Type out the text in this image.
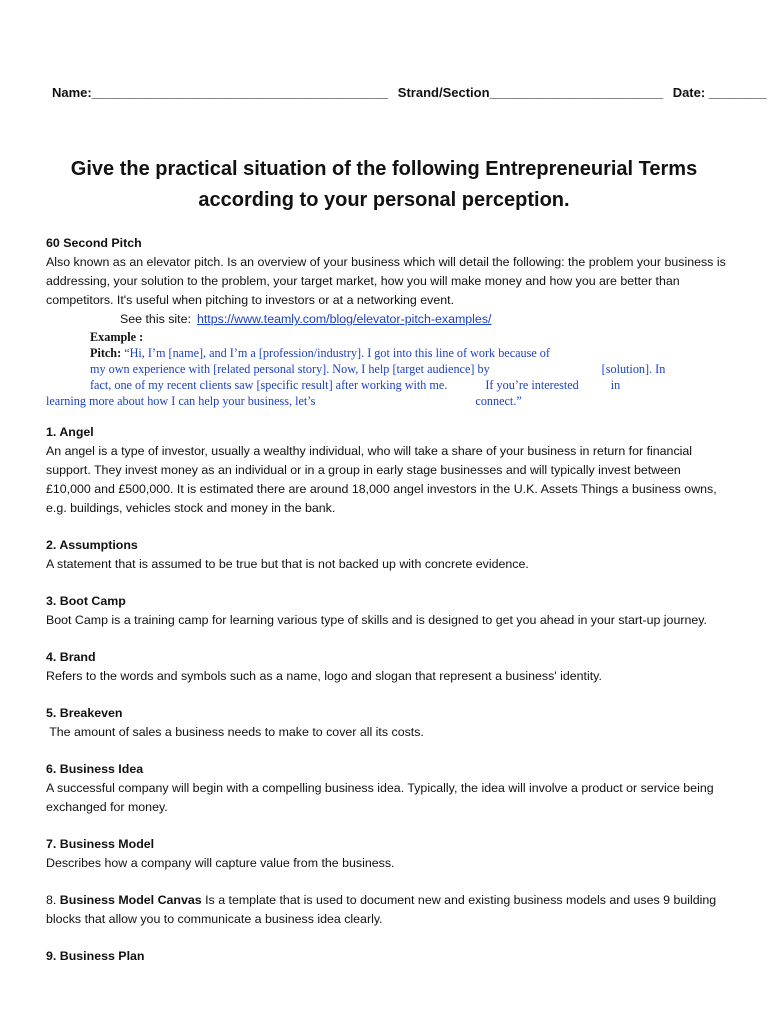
Name:_________________________________________ Strand/Section________________________ Date: ________
Give the practical situation of the following Entrepreneurial Terms
according to your personal perception.
60 Second Pitch

Also known as an elevator pitch. Is an overview of your business which will detail the following: the problem your business is addressing, your solution to the problem, your target market, how you will make money and how you are better than competitors. It's useful when pitching to investors or at a networking event.

See this site: https://www.teamly.com/blog/elevator-pitch-examples/
Example :
Pitch: “Hi, I’m [name], and I’m a [profession/industry]. I got into this line of work because of
my own experience with [related personal story]. Now, I help [target audience] by	[solution]. In
fact, one of my recent clients saw [specific result] after working with me.	If you’re interested	in
learning more about how I can help your business, let’s	connect.”
1. Angel

An angel is a type of investor, usually a wealthy individual, who will take a share of your business in return for financial support. They invest money as an individual or in a group in early stage businesses and will typically invest between £10,000 and £500,000. It is estimated there are around 18,000 angel investors in the U.K. Assets Things a business owns, e.g. buildings, vehicles stock and money in the bank.

2. Assumptions

A statement that is assumed to be true but that is not backed up with concrete evidence.

3. Boot Camp

Boot Camp is a training camp for learning various type of skills and is designed to get you ahead in your start-up journey.

4. Brand

Refers to the words and symbols such as a name, logo and slogan that represent a business' identity.

5. Breakeven

The amount of sales a business needs to make to cover all its costs.

6. Business Idea

A successful company will begin with a compelling business idea. Typically, the idea will involve a product or service being exchanged for money.

7. Business Model

Describes how a company will capture value from the business.

8. Business Model Canvas Is a template that is used to document new and existing business models and uses 9 building blocks that allow you to communicate a business idea clearly.

9. Business Plan
